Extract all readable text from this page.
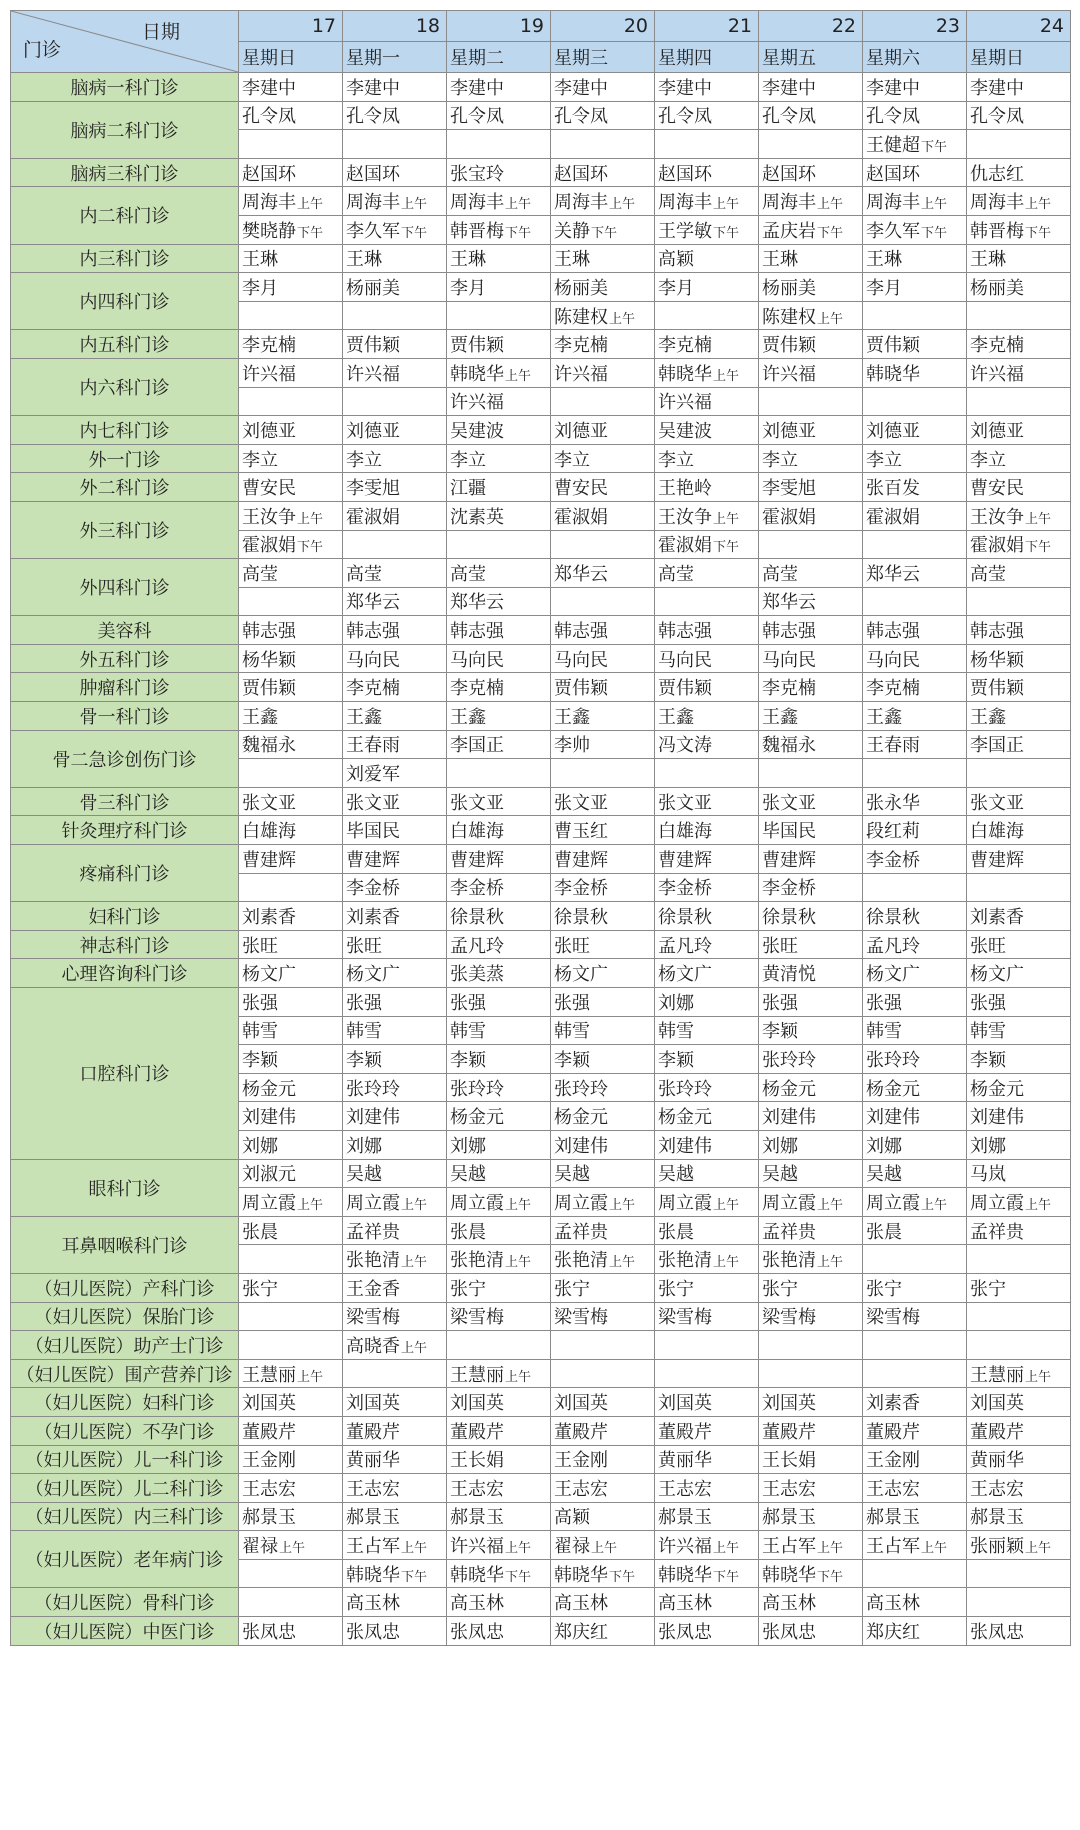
日期
门诊	17	18	19	20	21	22	23	24
	星期日	星期一	星期二	星期三	星期四	星期五	星期六	星期日
脑病一科门诊	李建中	李建中	李建中	李建中	李建中	李建中	李建中	李建中
脑病二科门诊	孔令凤	孔令凤	孔令凤	孔令凤	孔令凤	孔令凤	孔令凤	孔令凤
							王健超下午	
脑病三科门诊	赵国环	赵国环	张宝玲	赵国环	赵国环	赵国环	赵国环	仇志红
内二科门诊	周海丰上午	周海丰上午	周海丰上午	周海丰上午	周海丰上午	周海丰上午	周海丰上午	周海丰上午
	樊晓静下午	李久军下午	韩晋梅下午	关静下午	王学敏下午	孟庆岩下午	李久军下午	韩晋梅下午
内三科门诊	王琳	王琳	王琳	王琳	高颖	王琳	王琳	王琳
内四科门诊	李月	杨丽美	李月	杨丽美	李月	杨丽美	李月	杨丽美
				陈建权上午		陈建权上午		
内五科门诊	李克楠	贾伟颖	贾伟颖	李克楠	李克楠	贾伟颖	贾伟颖	李克楠
内六科门诊	许兴福	许兴福	韩晓华上午	许兴福	韩晓华上午	许兴福	韩晓华	许兴福
			许兴福		许兴福			
内七科门诊	刘德亚	刘德亚	吴建波	刘德亚	吴建波	刘德亚	刘德亚	刘德亚
外一门诊	李立	李立	李立	李立	李立	李立	李立	李立
外二科门诊	曹安民	李雯旭	江疆	曹安民	王艳岭	李雯旭	张百发	曹安民
外三科门诊	王汝争上午	霍淑娟	沈素英	霍淑娟	王汝争上午	霍淑娟	霍淑娟	王汝争上午
	霍淑娟下午				霍淑娟下午			霍淑娟下午
外四科门诊	高莹	高莹	高莹	郑华云	高莹	高莹	郑华云	高莹
		郑华云	郑华云			郑华云		
美容科	韩志强	韩志强	韩志强	韩志强	韩志强	韩志强	韩志强	韩志强
外五科门诊	杨华颖	马向民	马向民	马向民	马向民	马向民	马向民	杨华颖
肿瘤科门诊	贾伟颖	李克楠	李克楠	贾伟颖	贾伟颖	李克楠	李克楠	贾伟颖
骨一科门诊	王鑫	王鑫	王鑫	王鑫	王鑫	王鑫	王鑫	王鑫
骨二急诊创伤门诊	魏福永	王春雨	李国正	李帅	冯文涛	魏福永	王春雨	李国正
		刘爱军						
骨三科门诊	张文亚	张文亚	张文亚	张文亚	张文亚	张文亚	张永华	张文亚
针灸理疗科门诊	白雄海	毕国民	白雄海	曹玉红	白雄海	毕国民	段红莉	白雄海
疼痛科门诊	曹建辉	曹建辉	曹建辉	曹建辉	曹建辉	曹建辉	李金桥	曹建辉
		李金桥	李金桥	李金桥	李金桥	李金桥		
妇科门诊	刘素香	刘素香	徐景秋	徐景秋	徐景秋	徐景秋	徐景秋	刘素香
神志科门诊	张旺	张旺	孟凡玲	张旺	孟凡玲	张旺	孟凡玲	张旺
心理咨询科门诊	杨文广	杨文广	张美蒸	杨文广	杨文广	黄清悦	杨文广	杨文广
口腔科门诊	张强	张强	张强	张强	刘娜	张强	张强	张强
	韩雪	韩雪	韩雪	韩雪	韩雪	李颖	韩雪	韩雪
	李颖	李颖	李颖	李颖	李颖	张玲玲	张玲玲	李颖
	杨金元	张玲玲	张玲玲	张玲玲	张玲玲	杨金元	杨金元	杨金元
	刘建伟	刘建伟	杨金元	杨金元	杨金元	刘建伟	刘建伟	刘建伟
	刘娜	刘娜	刘娜	刘建伟	刘建伟	刘娜	刘娜	刘娜
眼科门诊	刘淑元	吴越	吴越	吴越	吴越	吴越	吴越	马岚
	周立霞上午	周立霞上午	周立霞上午	周立霞上午	周立霞上午	周立霞上午	周立霞上午	周立霞上午
耳鼻咽喉科门诊	张晨	孟祥贵	张晨	孟祥贵	张晨	孟祥贵	张晨	孟祥贵
		张艳清上午	张艳清上午	张艳清上午	张艳清上午	张艳清上午		
（妇儿医院）产科门诊	张宁	王金香	张宁	张宁	张宁	张宁	张宁	张宁
（妇儿医院）保胎门诊		梁雪梅	梁雪梅	梁雪梅	梁雪梅	梁雪梅	梁雪梅	
（妇儿医院）助产士门诊		高晓香上午						
（妇儿医院）围产营养门诊	王慧丽上午		王慧丽上午					王慧丽上午
（妇儿医院）妇科门诊	刘国英	刘国英	刘国英	刘国英	刘国英	刘国英	刘素香	刘国英
（妇儿医院）不孕门诊	董殿芹	董殿芹	董殿芹	董殿芹	董殿芹	董殿芹	董殿芹	董殿芹
（妇儿医院）儿一科门诊	王金刚	黄丽华	王长娟	王金刚	黄丽华	王长娟	王金刚	黄丽华
（妇儿医院）儿二科门诊	王志宏	王志宏	王志宏	王志宏	王志宏	王志宏	王志宏	王志宏
（妇儿医院）内三科门诊	郝景玉	郝景玉	郝景玉	高颖	郝景玉	郝景玉	郝景玉	郝景玉
（妇儿医院）老年病门诊	翟禄上午	王占军上午	许兴福上午	翟禄上午	许兴福上午	王占军上午	王占军上午	张丽颖上午
		韩晓华下午	韩晓华下午	韩晓华下午	韩晓华下午	韩晓华下午		
（妇儿医院）骨科门诊		高玉林	高玉林	高玉林	高玉林	高玉林	高玉林	
（妇儿医院）中医门诊	张凤忠	张凤忠	张凤忠	郑庆红	张凤忠	张凤忠	郑庆红	张凤忠
